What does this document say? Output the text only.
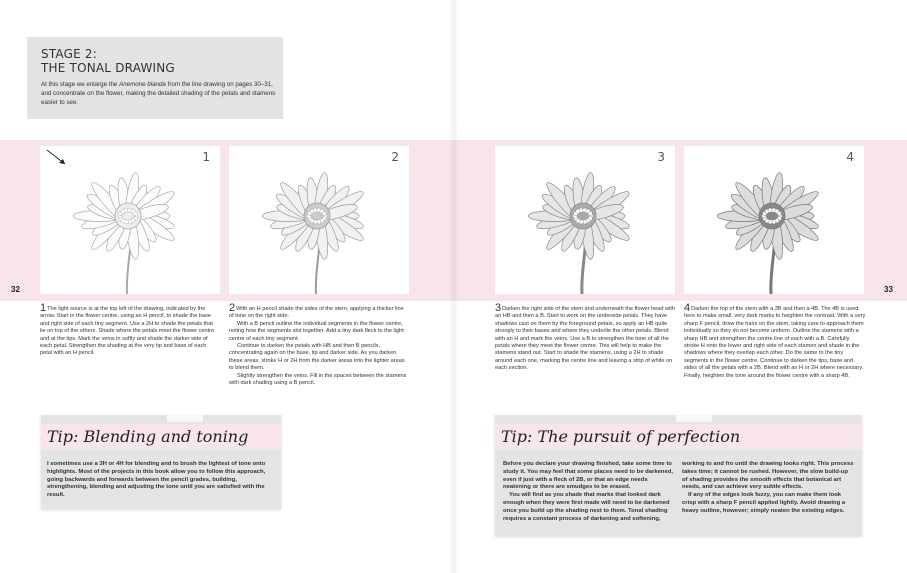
STAGE 2:
THE TONAL DRAWING
At this stage we enlarge the Anemone blanda from the line drawing on pages 30–31, and concentrate on the flower, making the detailed shading of the petals and stamens easier to see.
1	2	3	4
32	33
1The light source is at the top left of the drawing, indicated by the arrow. Start in the flower centre, using an H pencil, to shade the base and right side of each tiny segment. Use a 2H to shade the petals that lie on top of the others. Shade where the petals meet the flower centre and at the tips. Mark the veins in softly and shade the darker side of each petal. Strengthen the shading at the very tip and base of each petal with an H pencil.
2With an H pencil shade the sides of the stem, applying a thicker line of tone on the right side.
With a B pencil outline the individual segments in the flower centre, noting how the segments slot together. Add a tiny dark fleck to the light centre of each tiny segment.
Continue to darken the petals with HB and then B pencils, concentrating again on the base, tip and darker side. As you darken these areas, stroke H or 2H from the darker areas into the lighter areas to blend them.
Slightly strengthen the veins. Fill in the spaces between the stamens with dark shading using a B pencil.
3Darken the right side of the stem and underneath the flower head with an HB and then a B. Start to work on the underside petals. They have shadows cast on them by the foreground petals, so apply an HB quite strongly to their bases and where they underlie the other petals. Blend with an H and mark the veins. Use a B to strengthen the tone of all the petals where they meet the flower centre. This will help to make the stamens stand out. Start to shade the stamens, using a 2H to shade around each one, marking the centre line and leaving a strip of white on each section.
4Darken the top of the stem with a 3B and then a 4B. The 4B is used here to make small, very dark marks to heighten the contrast. With a very sharp F pencil, draw the hairs on the stem, taking care to approach them individually so they do not become uniform. Outline the stamens with a sharp HB and strengthen the centre line of each with a B. Carefully stroke H onto the lower and right side of each stamen and shade in the shadows where they overlap each other. Do the same to the tiny segments in the flower centre. Continue to darken the tips, base and sides of all the petals with a 2B. Blend with an H or 2H where necessary. Finally, heighten the tone around the flower centre with a sharp 4B.
Tip: Blending and toning
I sometimes use a 3H or 4H for blending and to brush the lightest of tone onto highlights. Most of the projects in this book allow you to follow this approach, going backwards and forwards between the pencil grades, building, strengthening, blending and adjusting the tone until you are satisfied with the result.
Tip: The pursuit of perfection
Before you declare your drawing finished, take some time to study it. You may feel that some places need to be darkened, even if just with a fleck of 2B, or that an edge needs neatening or there are smudges to be erased.
You will find as you shade that marks that looked dark enough when they were first made will need to be darkened once you build up the shading next to them. Tonal shading requires a constant process of darkening and softening,
working to and fro until the drawing looks right. This process takes time; it cannot be rushed. However, the slow build-up of shading provides the smooth effects that botanical art needs, and can achieve very subtle effects.
If any of the edges look fuzzy, you can make them look crisp with a sharp F pencil applied lightly. Avoid drawing a heavy outline, however; simply neaten the existing edges.
